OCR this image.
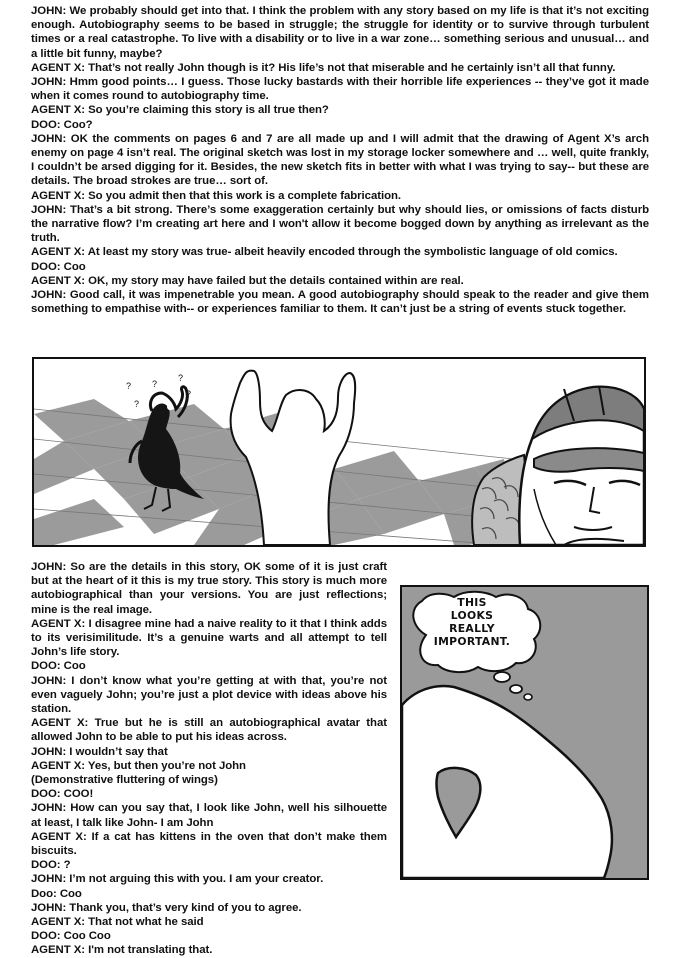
JOHN: We probably should get into that. I think the problem with any story based on my life is that it’s not exciting enough. Autobiography seems to be based in struggle; the struggle for identity or to survive through turbulent times or a real catastrophe. To live with a disability or to live in a war zone… something serious and unusual… and a little bit funny, maybe?

AGENT X: That’s not really John though is it? His life’s not that miserable and he certainly isn’t all that funny.

JOHN: Hmm good points… I guess. Those lucky bastards with their horrible life experiences -- they’ve got it made when it comes round to autobiography time.

AGENT X: So you’re claiming this story is all true then?

DOO: Coo?

JOHN: OK the comments on pages 6 and 7 are all made up and I will admit that the drawing of Agent X’s arch enemy on page 4 isn’t real. The original sketch was lost in my storage locker somewhere and … well, quite frankly, I couldn’t be arsed digging for it. Besides, the new sketch fits in better with what I was trying to say-- but these are details. The broad strokes are true… sort of.

AGENT X: So you admit then that this work is a complete fabrication.

JOHN: That’s a bit strong. There’s some exaggeration certainly but why should lies, or omissions of facts disturb the narrative flow? I’m creating art here and I won't allow it become bogged down by anything as irrelevant as the truth.

AGENT X: At least my story was true- albeit heavily encoded through the symbolistic language of old comics.

DOO: Coo

AGENT X: OK, my story may have failed but the details contained within are real.

JOHN: Good call, it was impenetrable you mean. A good autobiography should speak to the reader and give them something to empathise with-- or experiences familiar to them. It can’t just be a string of events stuck together.

?
?
?
?
?

JOHN: So are the details in this story, OK some of it is just craft but at the heart of it this is my true story. This story is much more autobiographical than your versions. You are just reflections; mine is the real image.

AGENT X: I disagree mine had a naive reality to it that I think adds to its verisimilitude. It’s a genuine warts and all attempt to tell John’s life story.

DOO: Coo

JOHN: I don’t know what you’re getting at with that, you’re not even vaguely John; you’re just a plot device with ideas above his station.

AGENT X: True but he is still an autobiographical avatar that allowed John to be able to put his ideas across.

JOHN: I wouldn’t say that

AGENT X: Yes, but then you’re not John

(Demonstrative fluttering of wings)

DOO: COO!

JOHN: How can you say that, I look like John, well his silhouette at least, I talk like John- I am John

AGENT X: If a cat has kittens in the oven that don’t make them biscuits.

DOO: ?

JOHN: I’m not arguing this with you. I am your creator.

Doo: Coo

JOHN: Thank you, that’s very kind of you to agree.

AGENT X: That not what he said

DOO: Coo Coo

AGENT X: I'm not translating that.

THIS
LOOKS
REALLY
IMPORTANT.
